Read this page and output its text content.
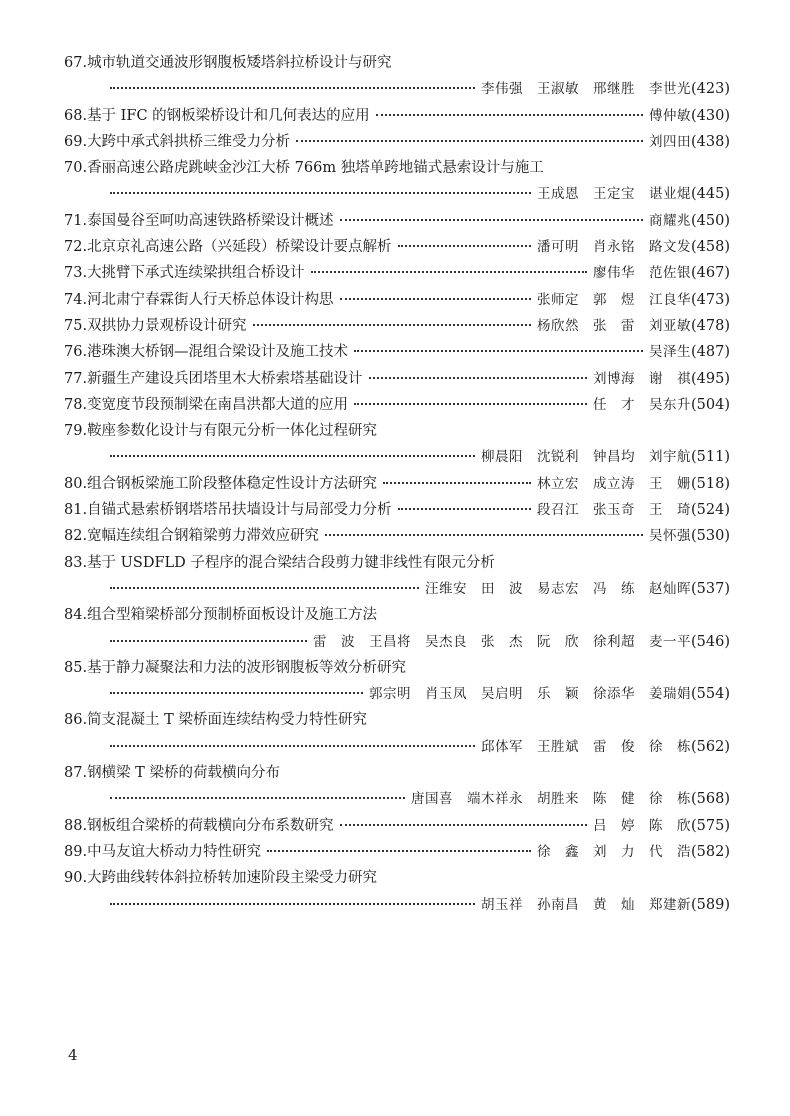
67. 城市轨道交通波形钢腹板矮塔斜拉桥设计与研究
李伟强　王淑敏　邢继胜　李世光 (423)
68. 基于 IFC 的钢板梁桥设计和几何表达的应用	傅仲敏 (430)
69. 大跨中承式斜拱桥三维受力分析	刘四田 (438)
70. 香丽高速公路虎跳峡金沙江大桥 766m 独塔单跨地锚式悬索设计与施工
王成恩　王定宝　谌业焜 (445)
71. 泰国曼谷至呵叻高速铁路桥梁设计概述	商耀兆 (450)
72. 北京京礼高速公路（兴延段）桥梁设计要点解析	潘可明　肖永铭　路文发 (458)
73. 大挑臂下承式连续梁拱组合桥设计	廖伟华　范佐银 (467)
74. 河北肃宁春霖街人行天桥总体设计构思	张师定　郭　煜　江良华 (473)
75. 双拱协力景观桥设计研究	杨欣然　张　雷　刘亚敏 (478)
76. 港珠澳大桥钢—混组合梁设计及施工技术	吴泽生 (487)
77. 新疆生产建设兵团塔里木大桥索塔基础设计	刘博海　谢　祺 (495)
78. 变宽度节段预制梁在南昌洪都大道的应用	任　才　吴东升 (504)
79. 鞍座参数化设计与有限元分析一体化过程研究
柳晨阳　沈锐利　钟昌均　刘宇航 (511)
80. 组合钢板梁施工阶段整体稳定性设计方法研究	林立宏　成立涛　王　姗 (518)
81. 自锚式悬索桥钢塔塔吊扶墙设计与局部受力分析	段召江　张玉奇　王　琦 (524)
82. 宽幅连续组合钢箱梁剪力滞效应研究	吴怀强 (530)
83. 基于 USDFLD 子程序的混合梁结合段剪力键非线性有限元分析
汪维安　田　波　易志宏　冯　练　赵灿晖 (537)
84. 组合型箱梁桥部分预制桥面板设计及施工方法
雷　波　王昌将　吴杰良　张　杰　阮　欣　徐利超　麦一平 (546)
85. 基于静力凝聚法和力法的波形钢腹板等效分析研究
郭宗明　肖玉凤　吴启明　乐　颖　徐添华　姜瑞娟 (554)
86. 简支混凝土 T 梁桥面连续结构受力特性研究
邱体军　王胜斌　雷　俊　徐　栋 (562)
87. 钢横梁 T 梁桥的荷载横向分布
唐国喜　端木祥永　胡胜来　陈　健　徐　栋 (568)
88. 钢板组合梁桥的荷载横向分布系数研究	吕　婷　陈　欣 (575)
89. 中马友谊大桥动力特性研究	徐　鑫　刘　力　代　浩 (582)
90. 大跨曲线转体斜拉桥转加速阶段主梁受力研究
胡玉祥　孙南昌　黄　灿　郑建新 (589)
4
